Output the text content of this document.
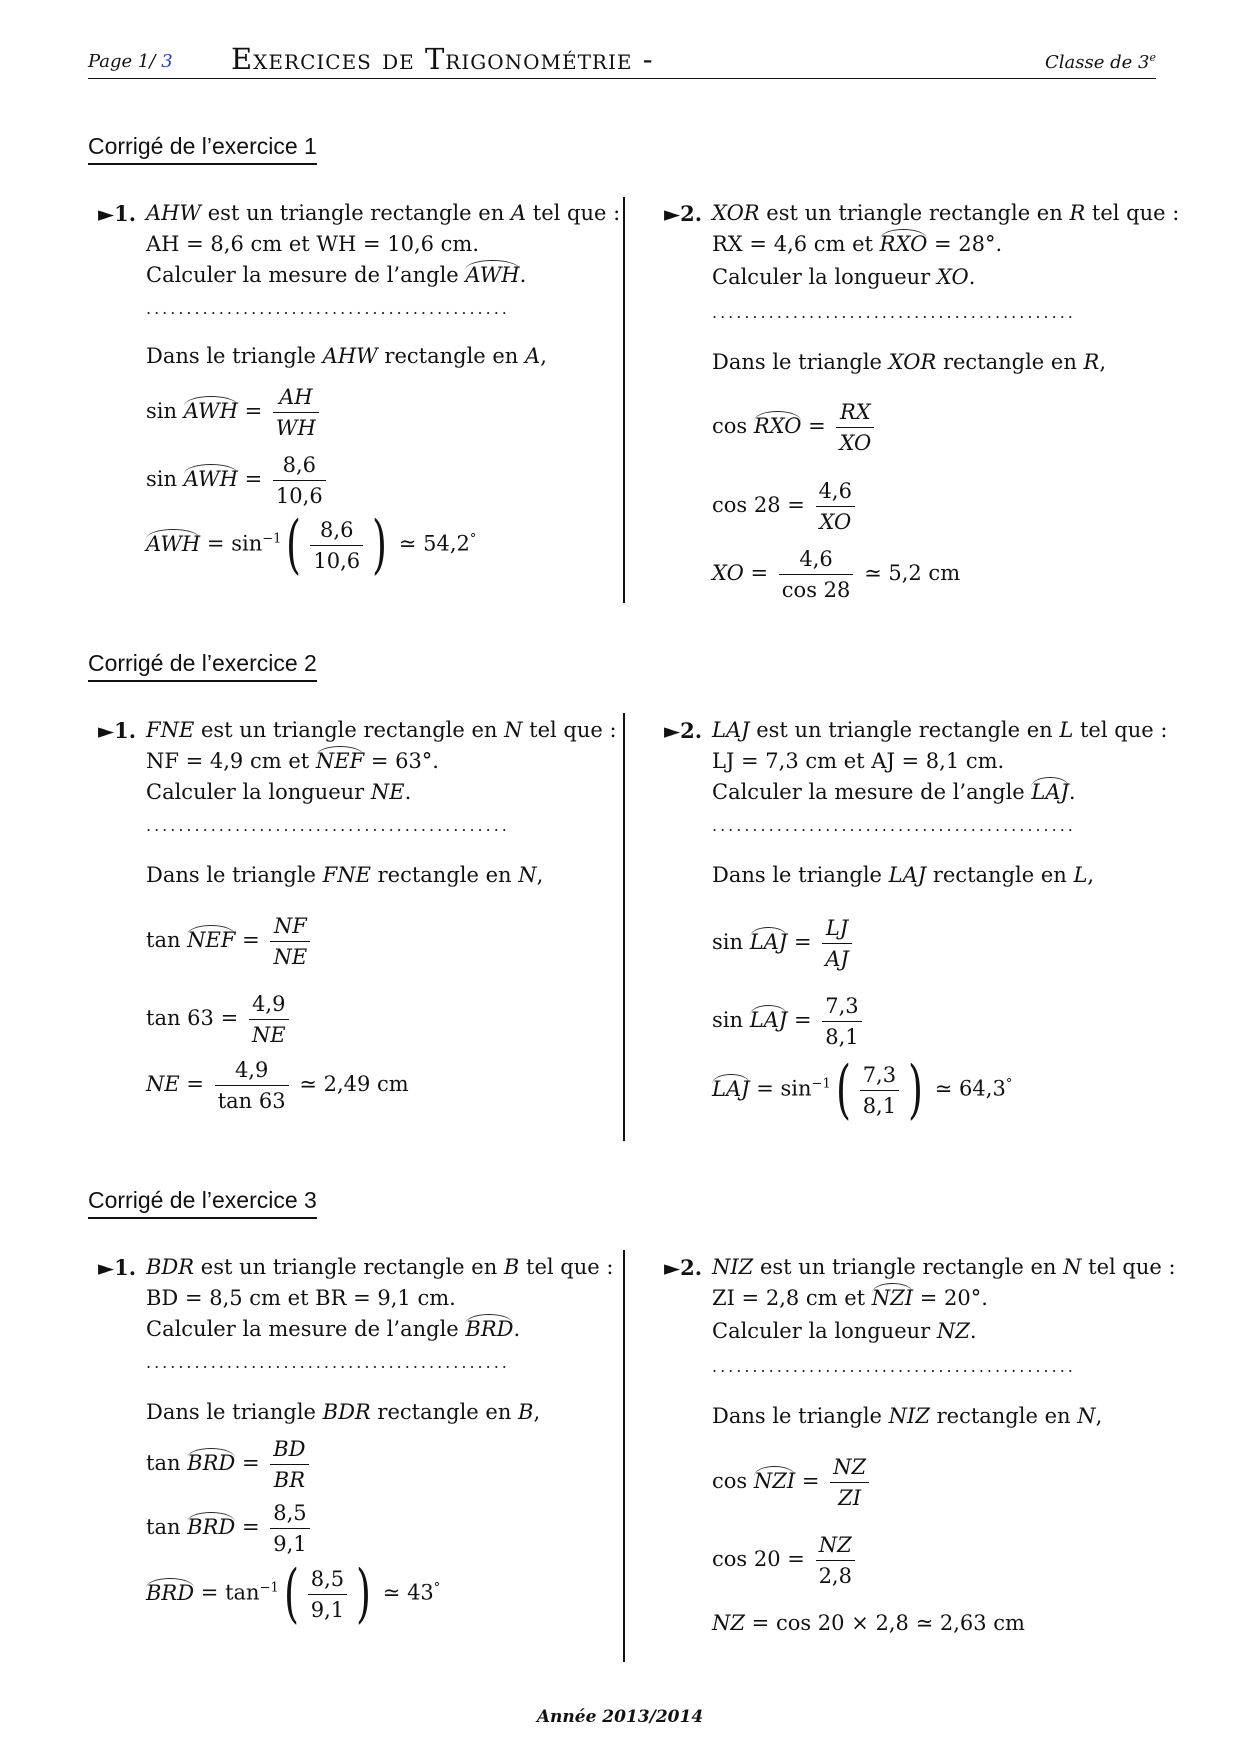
Page 1/ 3 Exercices de Trigonométrie -	Classe de 3e
Corrigé de l’exercice 1
►1. AHW est un triangle rectangle en A tel que :
AH = 8,6 cm et WH = 10,6 cm.
Calculer la mesure de l’angle AWH.
.............................................
Dans le triangle AHW rectangle en A,
sin AWH = $\frac{AH}{WH}$
sin AWH = $\frac{8,6}{10,6}$
AWH = $\sin^{-1}( \frac{8,6}{10,6}$ ) ≃ 54,2°
►2. XOR est un triangle rectangle en R tel que :
RX = 4,6 cm et RXO = 28°.
Calculer la longueur XO.
.............................................
Dans le triangle XOR rectangle en R,
cos RXO = $\frac{RX}{XO}$
$\cos 28 = \frac{4,6}{XO}$
XO = $\frac{4,6}{\cos 28}$ ≃ 5,2 cm
Corrigé de l’exercice 2
►1. FNE est un triangle rectangle en N tel que :
NF = 4,9 cm et NEF = 63°.
Calculer la longueur NE.
.............................................
Dans le triangle FNE rectangle en N,
tan NEF = $\frac{NF}{NE}$
$\tan 63 = \frac{4,9}{NE}$
NE = $\frac{4,9}{\tan 63}$ ≃ 2,49 cm
►2. LAJ est un triangle rectangle en L tel que :
LJ = 7,3 cm et AJ = 8,1 cm.
Calculer la mesure de l’angle LAJ.
.............................................
Dans le triangle LAJ rectangle en L,
sin LAJ = $\frac{LJ}{AJ}$
sin LAJ = $\frac{7,3}{8,1}$
LAJ = $\sin^{-1}( \frac{7,3}{8,1}$ ) ≃ 64,3°
Corrigé de l’exercice 3
►1. BDR est un triangle rectangle en B tel que :
BD = 8,5 cm et BR = 9,1 cm.
Calculer la mesure de l’angle BRD.
.............................................
Dans le triangle BDR rectangle en B,
tan BRD = $\frac{BD}{BR}$
tan BRD = $\frac{8,5}{9,1}$
BRD = $\tan^{-1}( \frac{8,5}{9,1}$ ) ≃ 43°
►2. NIZ est un triangle rectangle en N tel que :
ZI = 2,8 cm et NZI = 20°.
Calculer la longueur NZ.
.............................................
Dans le triangle NIZ rectangle en N,
cos NZI = $\frac{NZ}{ZI}$
$\cos 20 = \frac{NZ}{2,8}$
NZ = cos 20 × 2,8 ≃ 2,63 cm
Année 2013/2014
